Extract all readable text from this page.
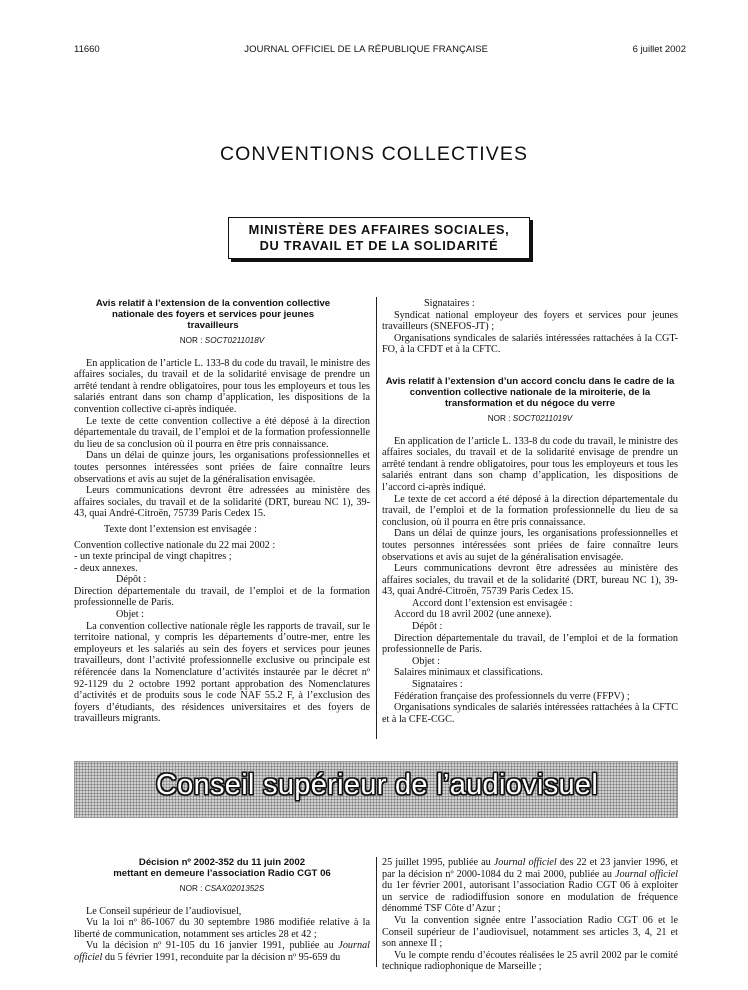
11660	JOURNAL OFFICIEL DE LA RÉPUBLIQUE FRANÇAISE	6 juillet 2002
CONVENTIONS COLLECTIVES
MINISTÈRE DES AFFAIRES SOCIALES,
DU TRAVAIL ET DE LA SOLIDARITÉ
Avis relatif à l’extension de la convention collective nationale des foyers et services pour jeunes travailleurs
NOR : SOCT0211018V
En application de l’article L. 133-8 du code du travail, le ministre des affaires sociales, du travail et de la solidarité envisage de prendre un arrêté tendant à rendre obligatoires, pour tous les employeurs et tous les salariés entrant dans son champ d’application, les dispositions de la convention collective ci-après indiquée.
Le texte de cette convention collective a été déposé à la direction départementale du travail, de l’emploi et de la formation professionnelle du lieu de sa conclusion où il pourra en être pris connaissance.
Dans un délai de quinze jours, les organisations professionnelles et toutes personnes intéressées sont priées de faire connaître leurs observations et avis au sujet de la généralisation envisagée.
Leurs communications devront être adressées au ministère des affaires sociales, du travail et de la solidarité (DRT, bureau NC 1), 39-43, quai André-Citroën, 75739 Paris Cedex 15.
Texte dont l’extension est envisagée :
Convention collective nationale du 22 mai 2002 :
- un texte principal de vingt chapitres ;
- deux annexes.
Dépôt :
Direction départementale du travail, de l’emploi et de la formation professionnelle de Paris.
Objet :
La convention collective nationale règle les rapports de travail, sur le territoire national, y compris les départements d’outre-mer, entre les employeurs et les salariés au sein des foyers et services pour jeunes travailleurs, dont l’activité professionnelle exclusive ou principale est référencée dans la Nomenclature d’activités instaurée par le décret nº 92-1129 du 2 octobre 1992 portant approbation des Nomenclatures d’activités et de produits sous le code NAF 55.2 F, à l’exclusion des foyers d’étudiants, des résidences universitaires et des foyers de travailleurs migrants.
Signataires :
Syndicat national employeur des foyers et services pour jeunes travailleurs (SNEFOS-JT) ;
Organisations syndicales de salariés intéressées rattachées à la CGT-FO, à la CFDT et à la CFTC.
Avis relatif à l’extension d’un accord conclu dans le cadre de la convention collective nationale de la miroiterie, de la transformation et du négoce du verre
NOR : SOCT0211019V
En application de l’article L. 133-8 du code du travail, le ministre des affaires sociales, du travail et de la solidarité envisage de prendre un arrêté tendant à rendre obligatoires, pour tous les employeurs et tous les salariés entrant dans son champ d’application, les dispositions de l’accord ci-après indiqué.
Le texte de cet accord a été déposé à la direction départementale du travail, de l’emploi et de la formation professionnelle du lieu de sa conclusion, où il pourra en être pris connaissance.
Dans un délai de quinze jours, les organisations professionnelles et toutes personnes intéressées sont priées de faire connaître leurs observations et avis au sujet de la généralisation envisagée.
Leurs communications devront être adressées au ministère des affaires sociales, du travail et de la solidarité (DRT, bureau NC 1), 39-43, quai André-Citroën, 75739 Paris Cedex 15.
Accord dont l’extension est envisagée :
Accord du 18 avril 2002 (une annexe).
Dépôt :
Direction départementale du travail, de l’emploi et de la formation professionnelle de Paris.
Objet :
Salaires minimaux et classifications.
Signataires :
Fédération française des professionnels du verre (FFPV) ;
Organisations syndicales de salariés intéressées rattachées à la CFTC et à la CFE-CGC.
Conseil supérieur de l’audiovisuel
Décision nº 2002-352 du 11 juin 2002
mettant en demeure l’association Radio CGT 06
NOR : CSAX0201352S
Le Conseil supérieur de l’audiovisuel,
Vu la loi nº 86-1067 du 30 septembre 1986 modifiée relative à la liberté de communication, notamment ses articles 28 et 42 ;
Vu la décision nº 91-105 du 16 janvier 1991, publiée au Journal officiel du 5 février 1991, reconduite par la décision nº 95-659 du
25 juillet 1995, publiée au Journal officiel des 22 et 23 janvier 1996, et par la décision nº 2000-1084 du 2 mai 2000, publiée au Journal officiel du 1er février 2001, autorisant l’association Radio CGT 06 à exploiter un service de radiodiffusion sonore en modulation de fréquence dénommé TSF Côte d’Azur ;
Vu la convention signée entre l’association Radio CGT 06 et le Conseil supérieur de l’audiovisuel, notamment ses articles 3, 4, 21 et son annexe II ;
Vu le compte rendu d’écoutes réalisées le 25 avril 2002 par le comité technique radiophonique de Marseille ;
